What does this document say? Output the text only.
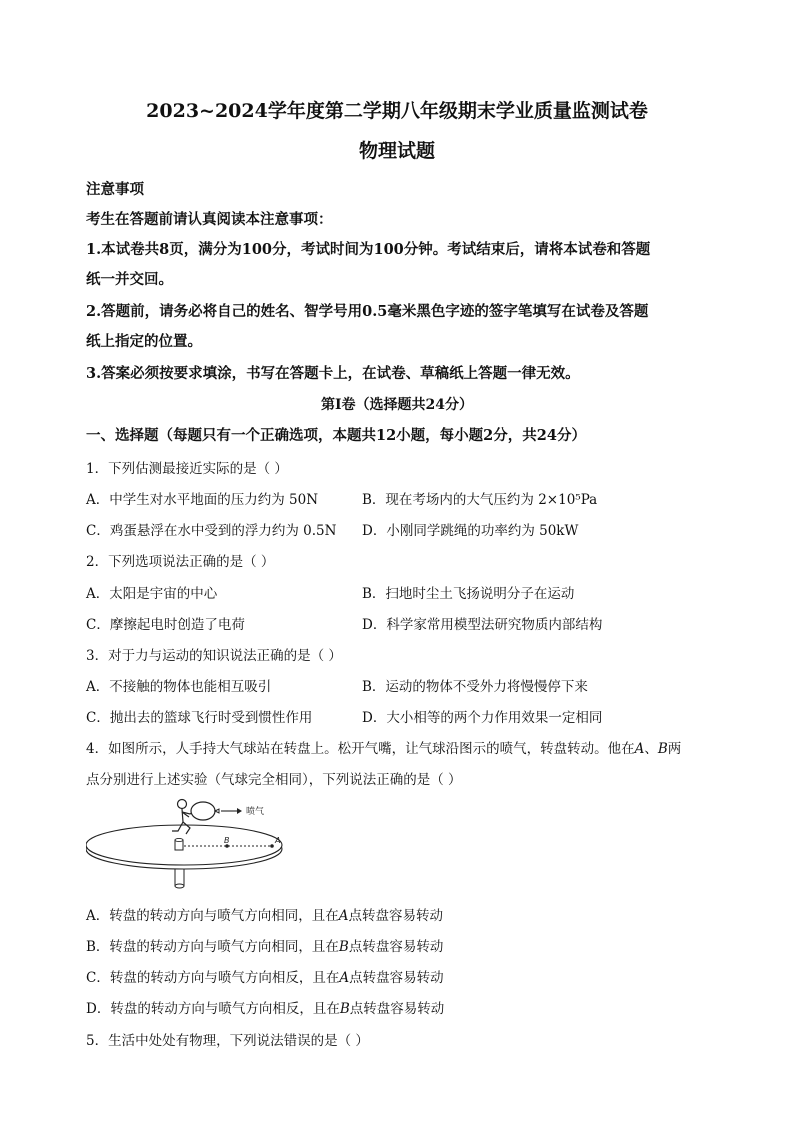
2023~2024学年度第二学期八年级期末学业质量监测试卷
物理试题
注意事项
考生在答题前请认真阅读本注意事项：
1.本试卷共8页，满分为100分，考试时间为100分钟。考试结束后，请将本试卷和答题
纸一并交回。
2.答题前，请务必将自己的姓名、智学号用0.5毫米黑色字迹的签字笔填写在试卷及答题
纸上指定的位置。
3.答案必须按要求填涂，书写在答题卡上，在试卷、草稿纸上答题一律无效。
第Ⅰ卷（选择题共24分）
一、选择题（每题只有一个正确选项，本题共12小题，每小题2分，共24分）
1．下列估测最接近实际的是（ ）
A．中学生对水平地面的压力约为 50N	B．现在考场内的大气压约为 2×10⁵Pa
C．鸡蛋悬浮在水中受到的浮力约为 0.5N D．小刚同学跳绳的功率约为 50kW
2．下列选项说法正确的是（ ）
A．太阳是宇宙的中心	B．扫地时尘土飞扬说明分子在运动
C．摩擦起电时创造了电荷	D．科学家常用模型法研究物质内部结构
3．对于力与运动的知识说法正确的是（ ）
A．不接触的物体也能相互吸引	B．运动的物体不受外力将慢慢停下来
C．抛出去的篮球飞行时受到惯性作用	D．大小相等的两个力作用效果一定相同
4．如图所示，人手持大气球站在转盘上。松开气嘴，让气球沿图示的喷气，转盘转动。他在A、B两
点分别进行上述实验（气球完全相同），下列说法正确的是（ ）
B	A
喷气
A．转盘的转动方向与喷气方向相同，且在A点转盘容易转动
B．转盘的转动方向与喷气方向相同，且在B点转盘容易转动
C．转盘的转动方向与喷气方向相反，且在A点转盘容易转动
D．转盘的转动方向与喷气方向相反，且在B点转盘容易转动
5．生活中处处有物理，下列说法错误的是（ ）
